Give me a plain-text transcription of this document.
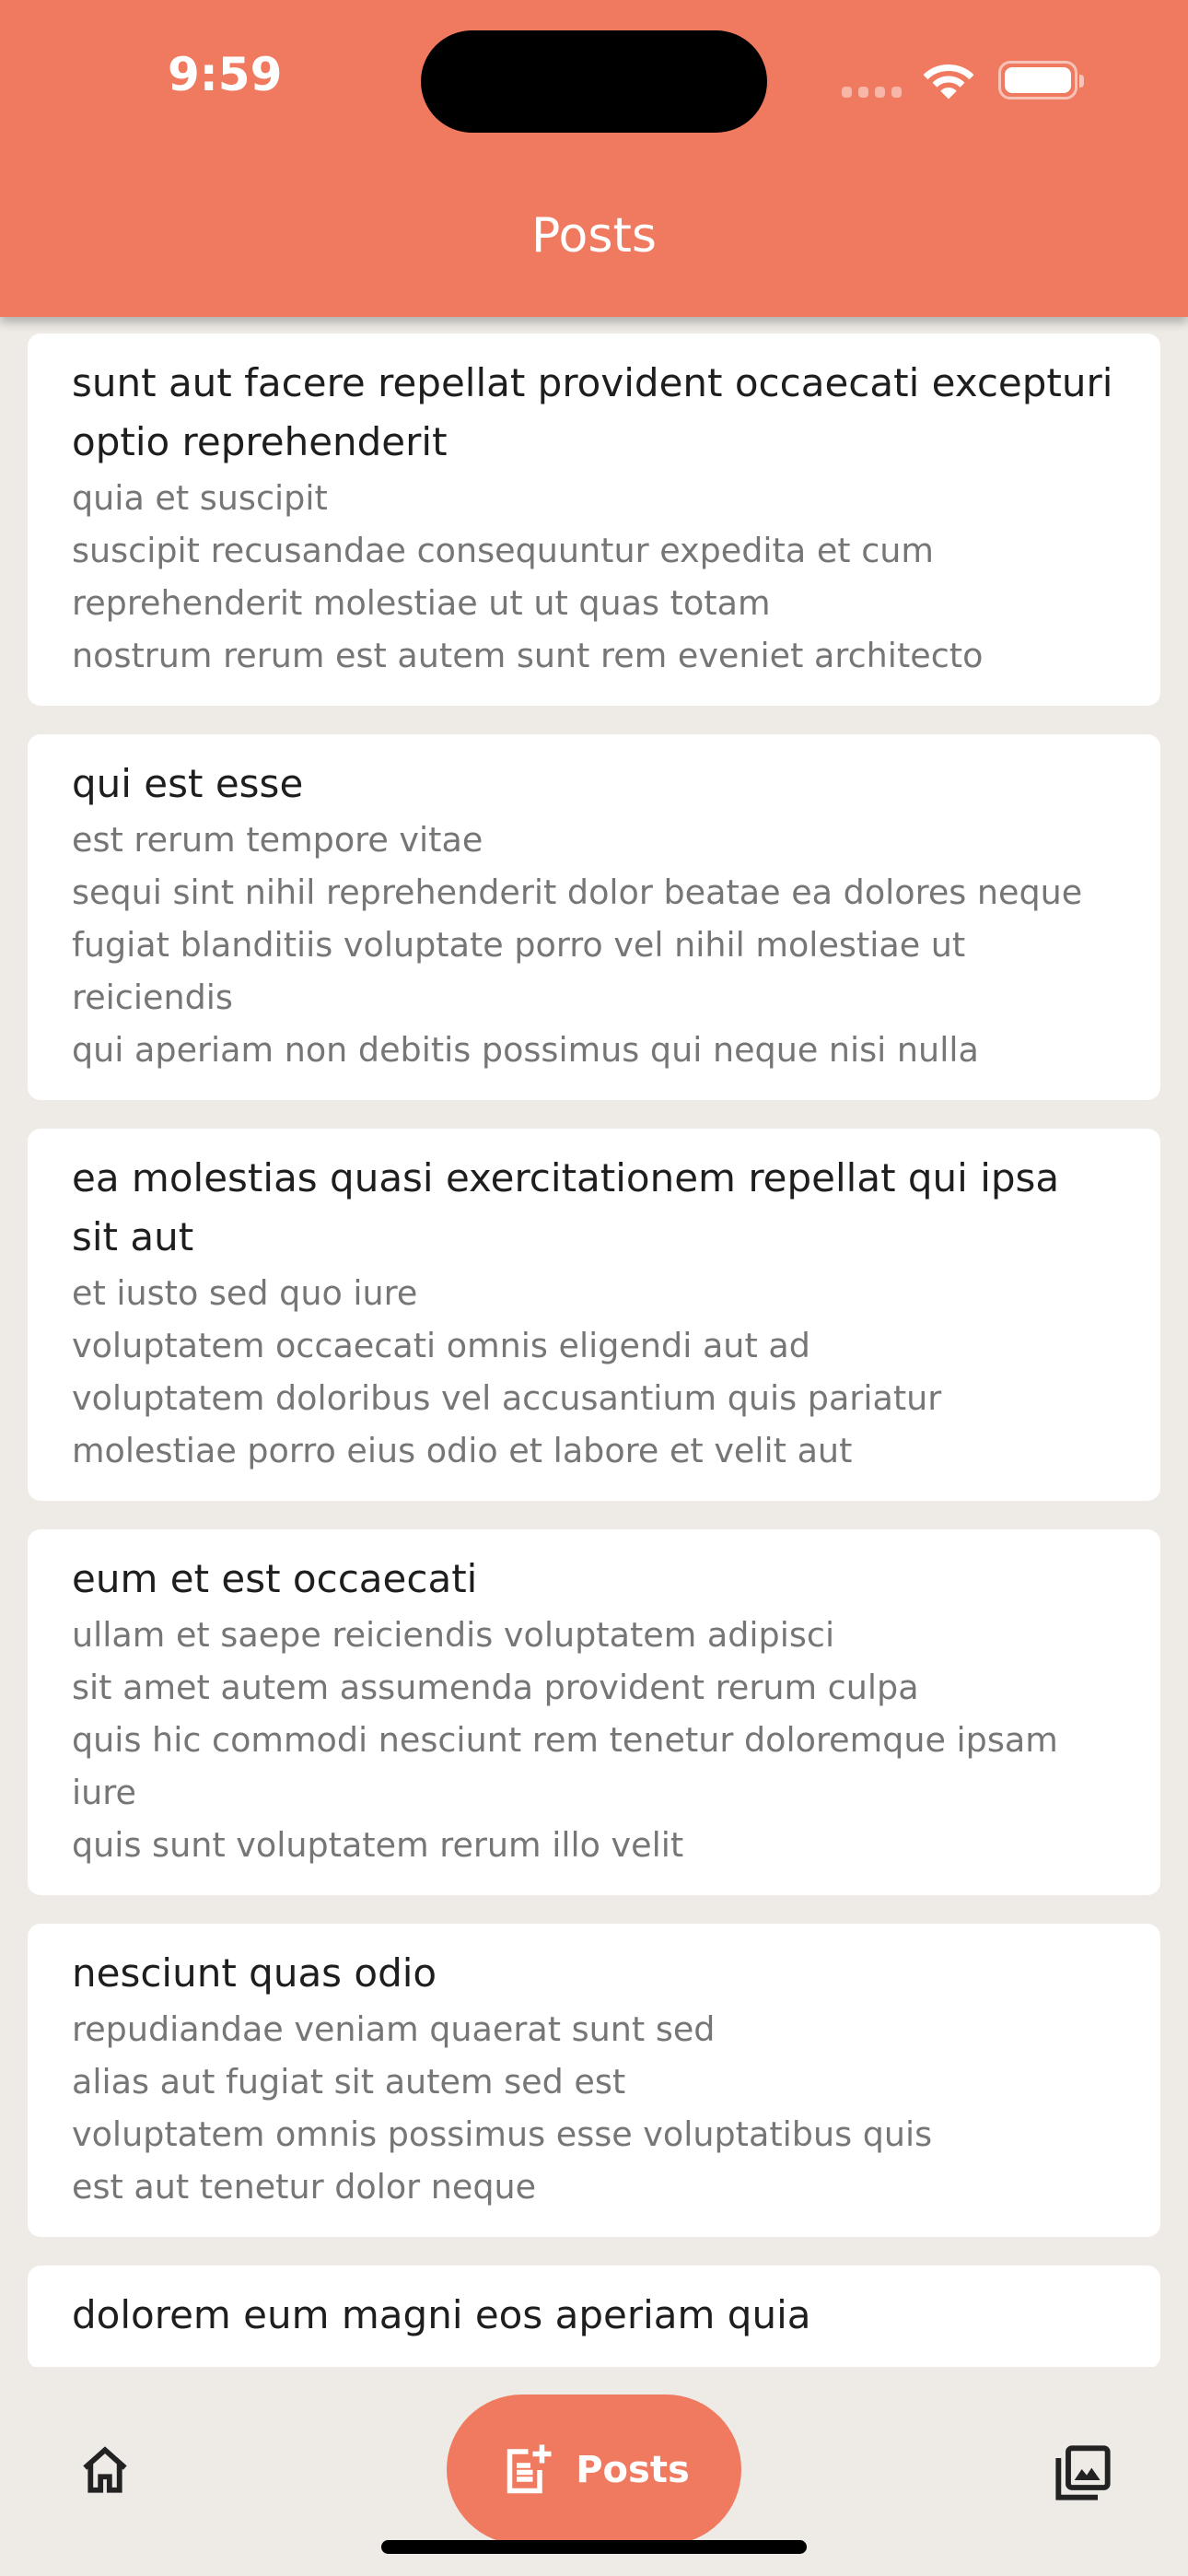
9:59
Posts
sunt aut facere repellat provident occaecati excepturi optio reprehenderit

quia et suscipit
suscipit recusandae consequuntur expedita et cum
reprehenderit molestiae ut ut quas totam
nostrum rerum est autem sunt rem eveniet architecto

qui est esse

est rerum tempore vitae
sequi sint nihil reprehenderit dolor beatae ea dolores neque
fugiat blanditiis voluptate porro vel nihil molestiae ut reiciendis
qui aperiam non debitis possimus qui neque nisi nulla

ea molestias quasi exercitationem repellat qui ipsa sit aut

et iusto sed quo iure
voluptatem occaecati omnis eligendi aut ad
voluptatem doloribus vel accusantium quis pariatur
molestiae porro eius odio et labore et velit aut

eum et est occaecati

ullam et saepe reiciendis voluptatem adipisci
sit amet autem assumenda provident rerum culpa
quis hic commodi nesciunt rem tenetur doloremque ipsam iure
quis sunt voluptatem rerum illo velit

nesciunt quas odio

repudiandae veniam quaerat sunt sed
alias aut fugiat sit autem sed est
voluptatem omnis possimus esse voluptatibus quis
est aut tenetur dolor neque

dolorem eum magni eos aperiam quia

Posts
